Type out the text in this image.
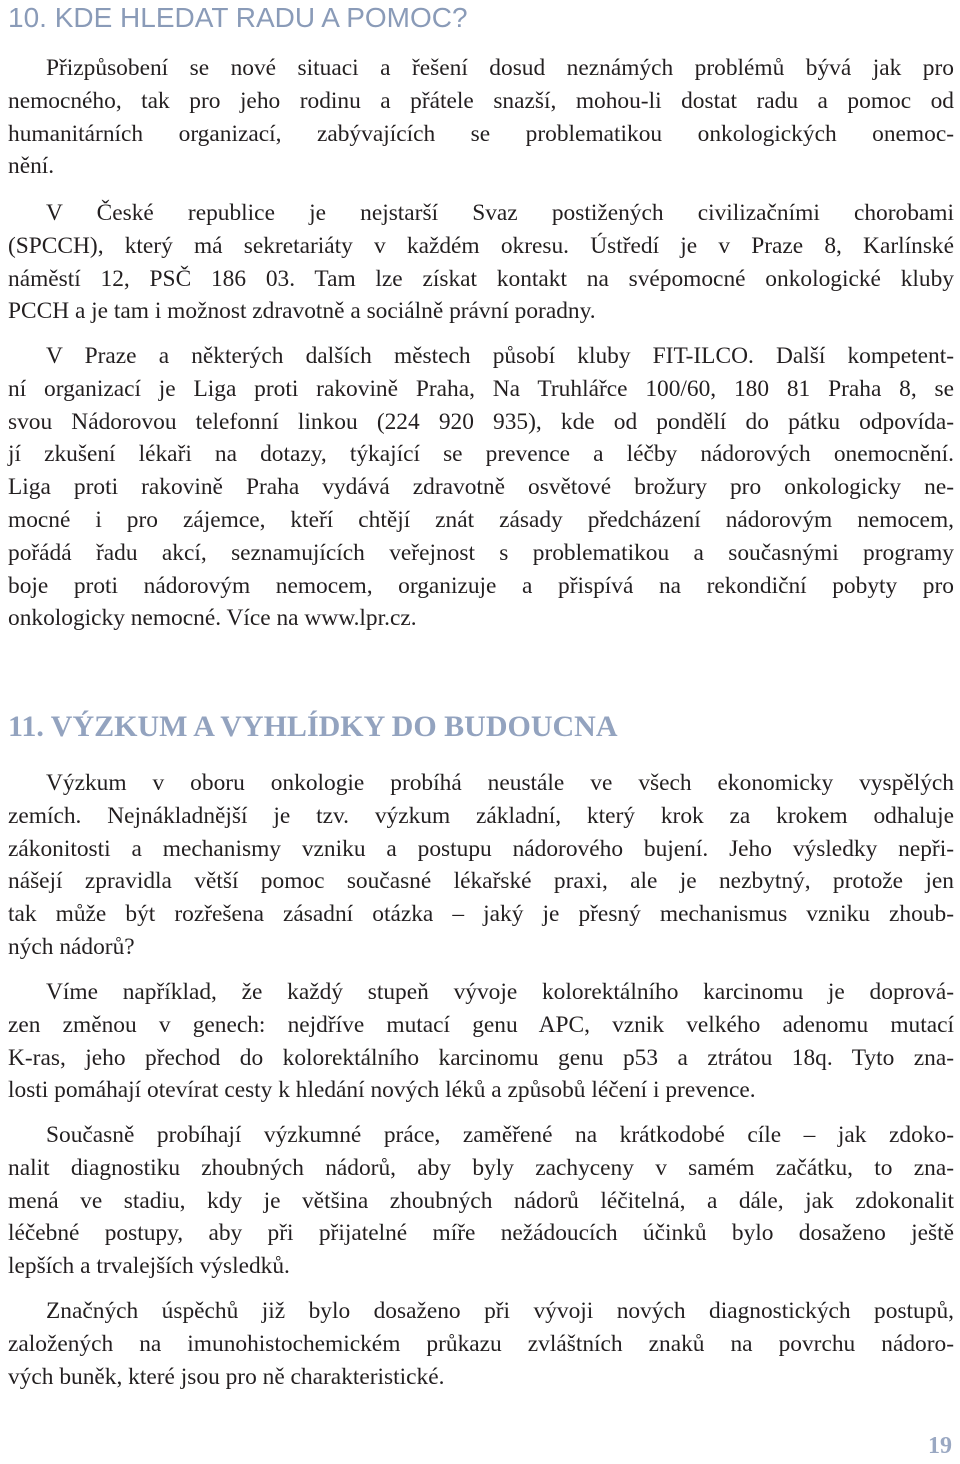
10. KDE HLEDAT RADU A POMOC?
Přizpůsobení se nové situaci a řešení dosud neznámých problémů bývá jak pro
nemocného, tak pro jeho rodinu a přátele snazší, mohou-li dostat radu a pomoc od
humanitárních organizací, zabývajících se problematikou onkologických onemoc-
nění.
V České republice je nejstarší Svaz postižených civilizačními chorobami
(SPCCH), který má sekretariáty v každém okresu. Ústředí je v Praze 8, Karlínské
náměstí 12, PSČ 186 03. Tam lze získat kontakt na svépomocné onkologické kluby
PCCH a je tam i možnost zdravotně a sociálně právní poradny.
V Praze a některých dalších městech působí kluby FIT-ILCO. Další kompetent-
ní organizací je Liga proti rakovině Praha, Na Truhlářce 100/60, 180 81 Praha 8, se
svou Nádorovou telefonní linkou (224 920 935), kde od pondělí do pátku odpovída-
jí zkušení lékaři na dotazy, týkající se prevence a léčby nádorových onemocnění.
Liga proti rakovině Praha vydává zdravotně osvětové brožury pro onkologicky ne-
mocné i pro zájemce, kteří chtějí znát zásady předcházení nádorovým nemocem,
pořádá řadu akcí, seznamujících veřejnost s problematikou a současnými programy
boje proti nádorovým nemocem, organizuje a přispívá na rekondiční pobyty pro
onkologicky nemocné. Více na www.lpr.cz.
11. VÝZKUM A VYHLÍDKY DO BUDOUCNA
Výzkum v oboru onkologie probíhá neustále ve všech ekonomicky vyspělých
zemích. Nejnákladnější je tzv. výzkum základní, který krok za krokem odhaluje
zákonitosti a mechanismy vzniku a postupu nádorového bujení. Jeho výsledky nepři-
nášejí zpravidla větší pomoc současné lékařské praxi, ale je nezbytný, protože jen
tak může být rozřešena zásadní otázka – jaký je přesný mechanismus vzniku zhoub-
ných nádorů?
Víme například, že každý stupeň vývoje kolorektálního karcinomu je doprová-
zen změnou v genech: nejdříve mutací genu APC, vznik velkého adenomu mutací
K-ras, jeho přechod do kolorektálního karcinomu genu p53 a ztrátou 18q. Tyto zna-
losti pomáhají otevírat cesty k hledání nových léků a způsobů léčení i prevence.
Současně probíhají výzkumné práce, zaměřené na krátkodobé cíle – jak zdoko-
nalit diagnostiku zhoubných nádorů, aby byly zachyceny v samém začátku, to zna-
mená ve stadiu, kdy je většina zhoubných nádorů léčitelná, a dále, jak zdokonalit
léčebné postupy, aby při přijatelné míře nežádoucích účinků bylo dosaženo ještě
lepších a trvalejších výsledků.
Značných úspěchů již bylo dosaženo při vývoji nových diagnostických postupů,
založených na imunohistochemickém průkazu zvláštních znaků na povrchu nádoro-
vých buněk, které jsou pro ně charakteristické.

19
